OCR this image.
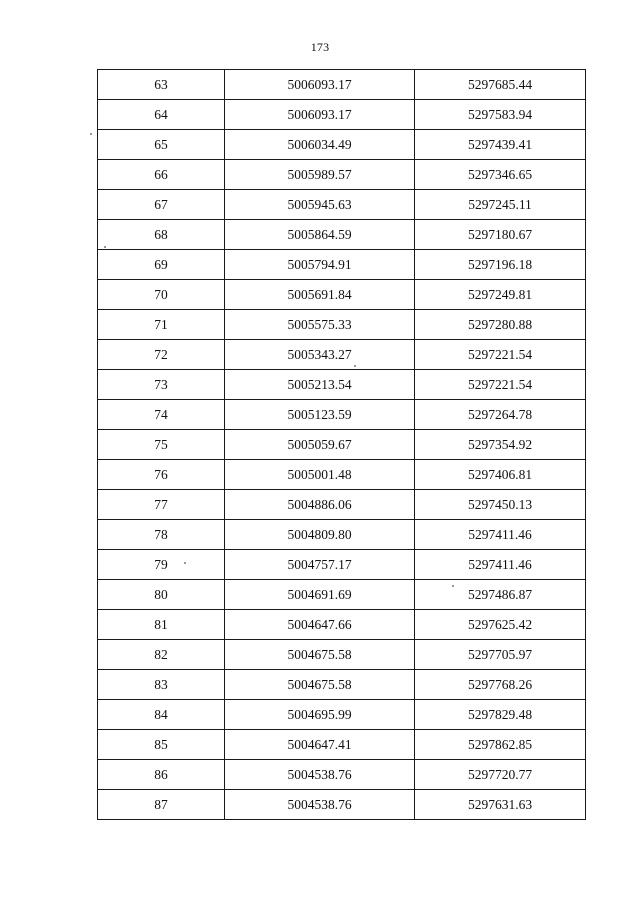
173
63	5006093.17	5297685.44
64	5006093.17	5297583.94
65	5006034.49	5297439.41
66	5005989.57	5297346.65
67	5005945.63	5297245.11
68	5005864.59	5297180.67
69	5005794.91	5297196.18
70	5005691.84	5297249.81
71	5005575.33	5297280.88
72	5005343.27	5297221.54
73	5005213.54	5297221.54
74	5005123.59	5297264.78
75	5005059.67	5297354.92
76	5005001.48	5297406.81
77	5004886.06	5297450.13
78	5004809.80	5297411.46
79	5004757.17	5297411.46
80	5004691.69	5297486.87
81	5004647.66	5297625.42
82	5004675.58	5297705.97
83	5004675.58	5297768.26
84	5004695.99	5297829.48
85	5004647.41	5297862.85
86	5004538.76	5297720.77
87	5004538.76	5297631.63
